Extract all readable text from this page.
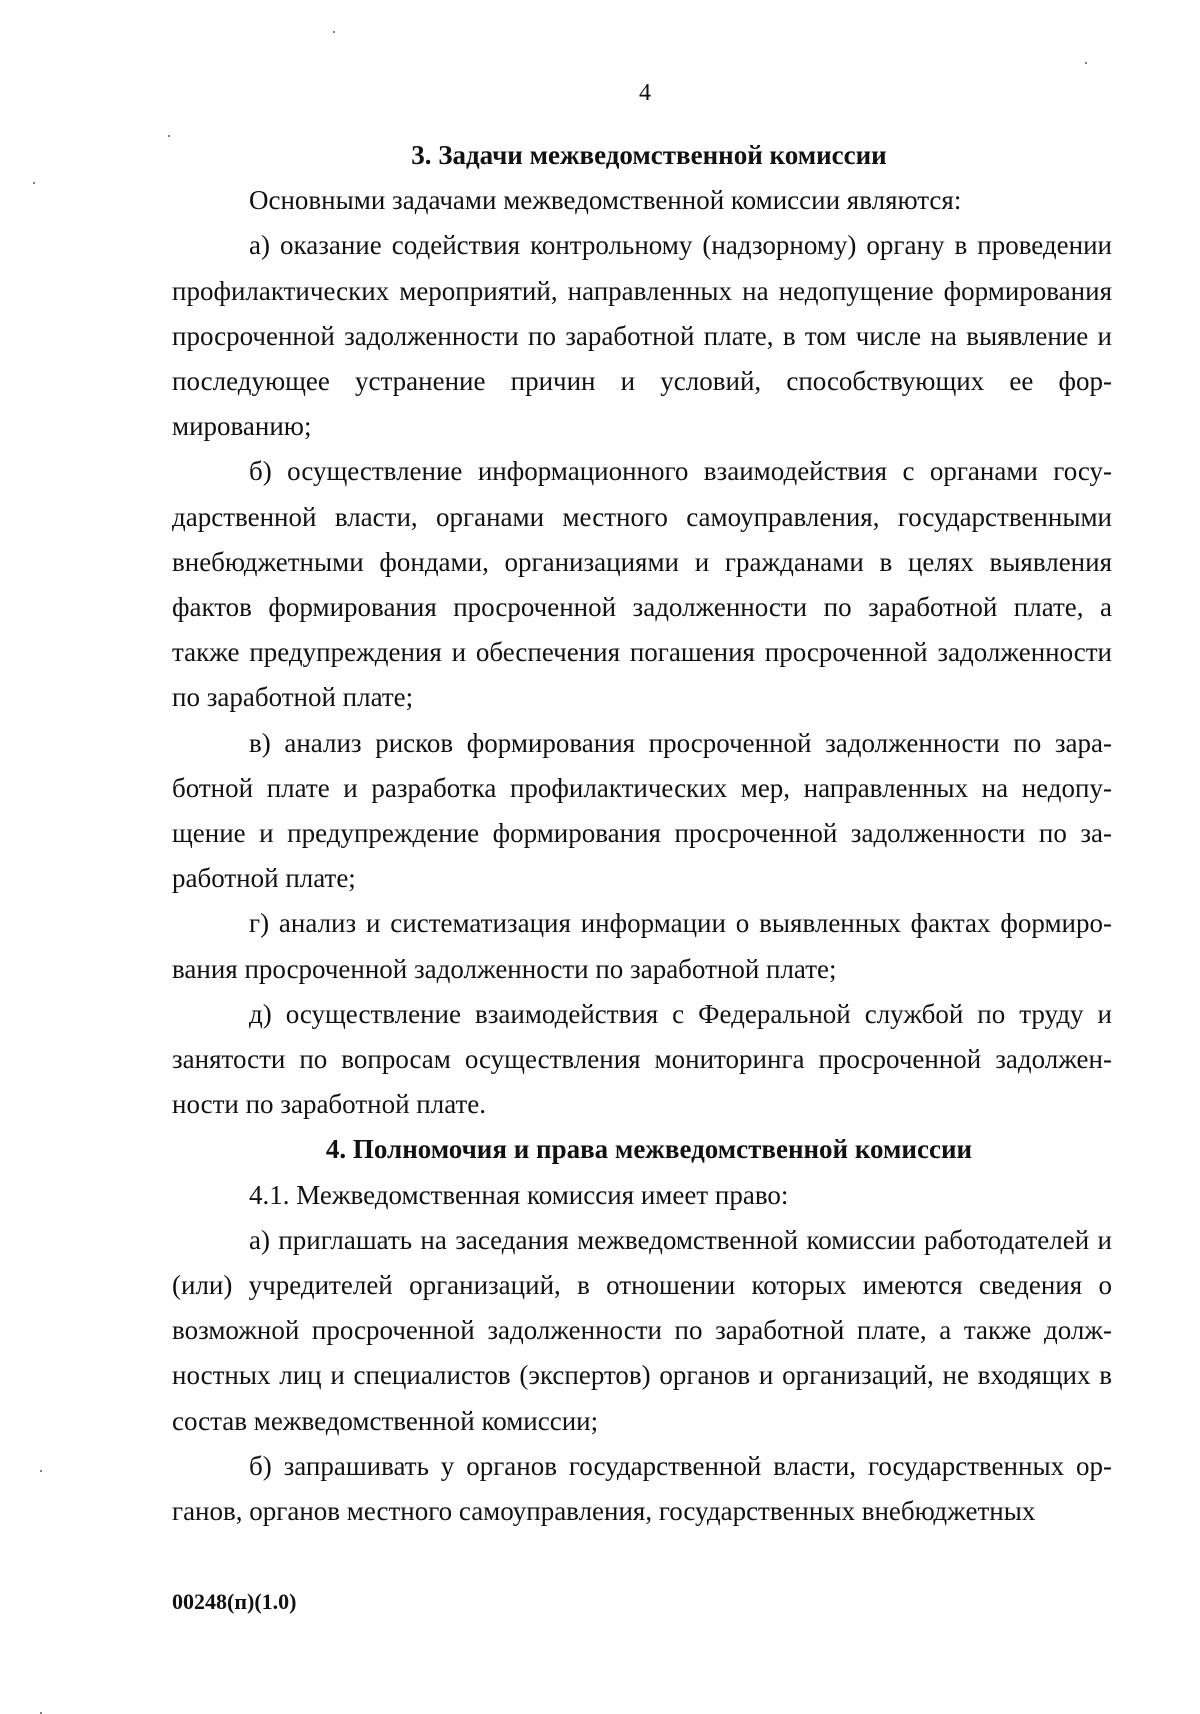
4
3. Задачи межведомственной комиссии

Основными задачами межведомственной комиссии являются:

а) оказание содействия контрольному (надзорному) органу в проведении профилактических мероприятий, направленных на недопущение формирования просроченной задолженности по заработной плате, в том числе на выявление и последующее устранение причин и условий, способствующих ее формированию;

б) осуществление информационного взаимодействия с органами государственной власти, органами местного самоуправления, государственными внебюджетными фондами, организациями и гражданами в целях выявления фактов формирования просроченной задолженности по заработной плате, а также предупреждения и обеспечения погашения просроченной задолженности по заработной плате;

в) анализ рисков формирования просроченной задолженности по заработной плате и разработка профилактических мер, направленных на недопущение и предупреждение формирования просроченной задолженности по заработной плате;

г) анализ и систематизация информации о выявленных фактах формирования просроченной задолженности по заработной плате;

д) осуществление взаимодействия с Федеральной службой по труду и занятости по вопросам осуществления мониторинга просроченной задолженности по заработной плате.

4. Полномочия и права межведомственной комиссии

4.1. Межведомственная комиссия имеет право:

а) приглашать на заседания межведомственной комиссии работодателей и (или) учредителей организаций, в отношении которых имеются сведения о возможной просроченной задолженности по заработной плате, а также должностных лиц и специалистов (экспертов) органов и организаций, не входящих в состав межведомственной комиссии;

б) запрашивать у органов государственной власти, государственных органов, органов местного самоуправления, государственных внебюджетных

00248(п)(1.0)
